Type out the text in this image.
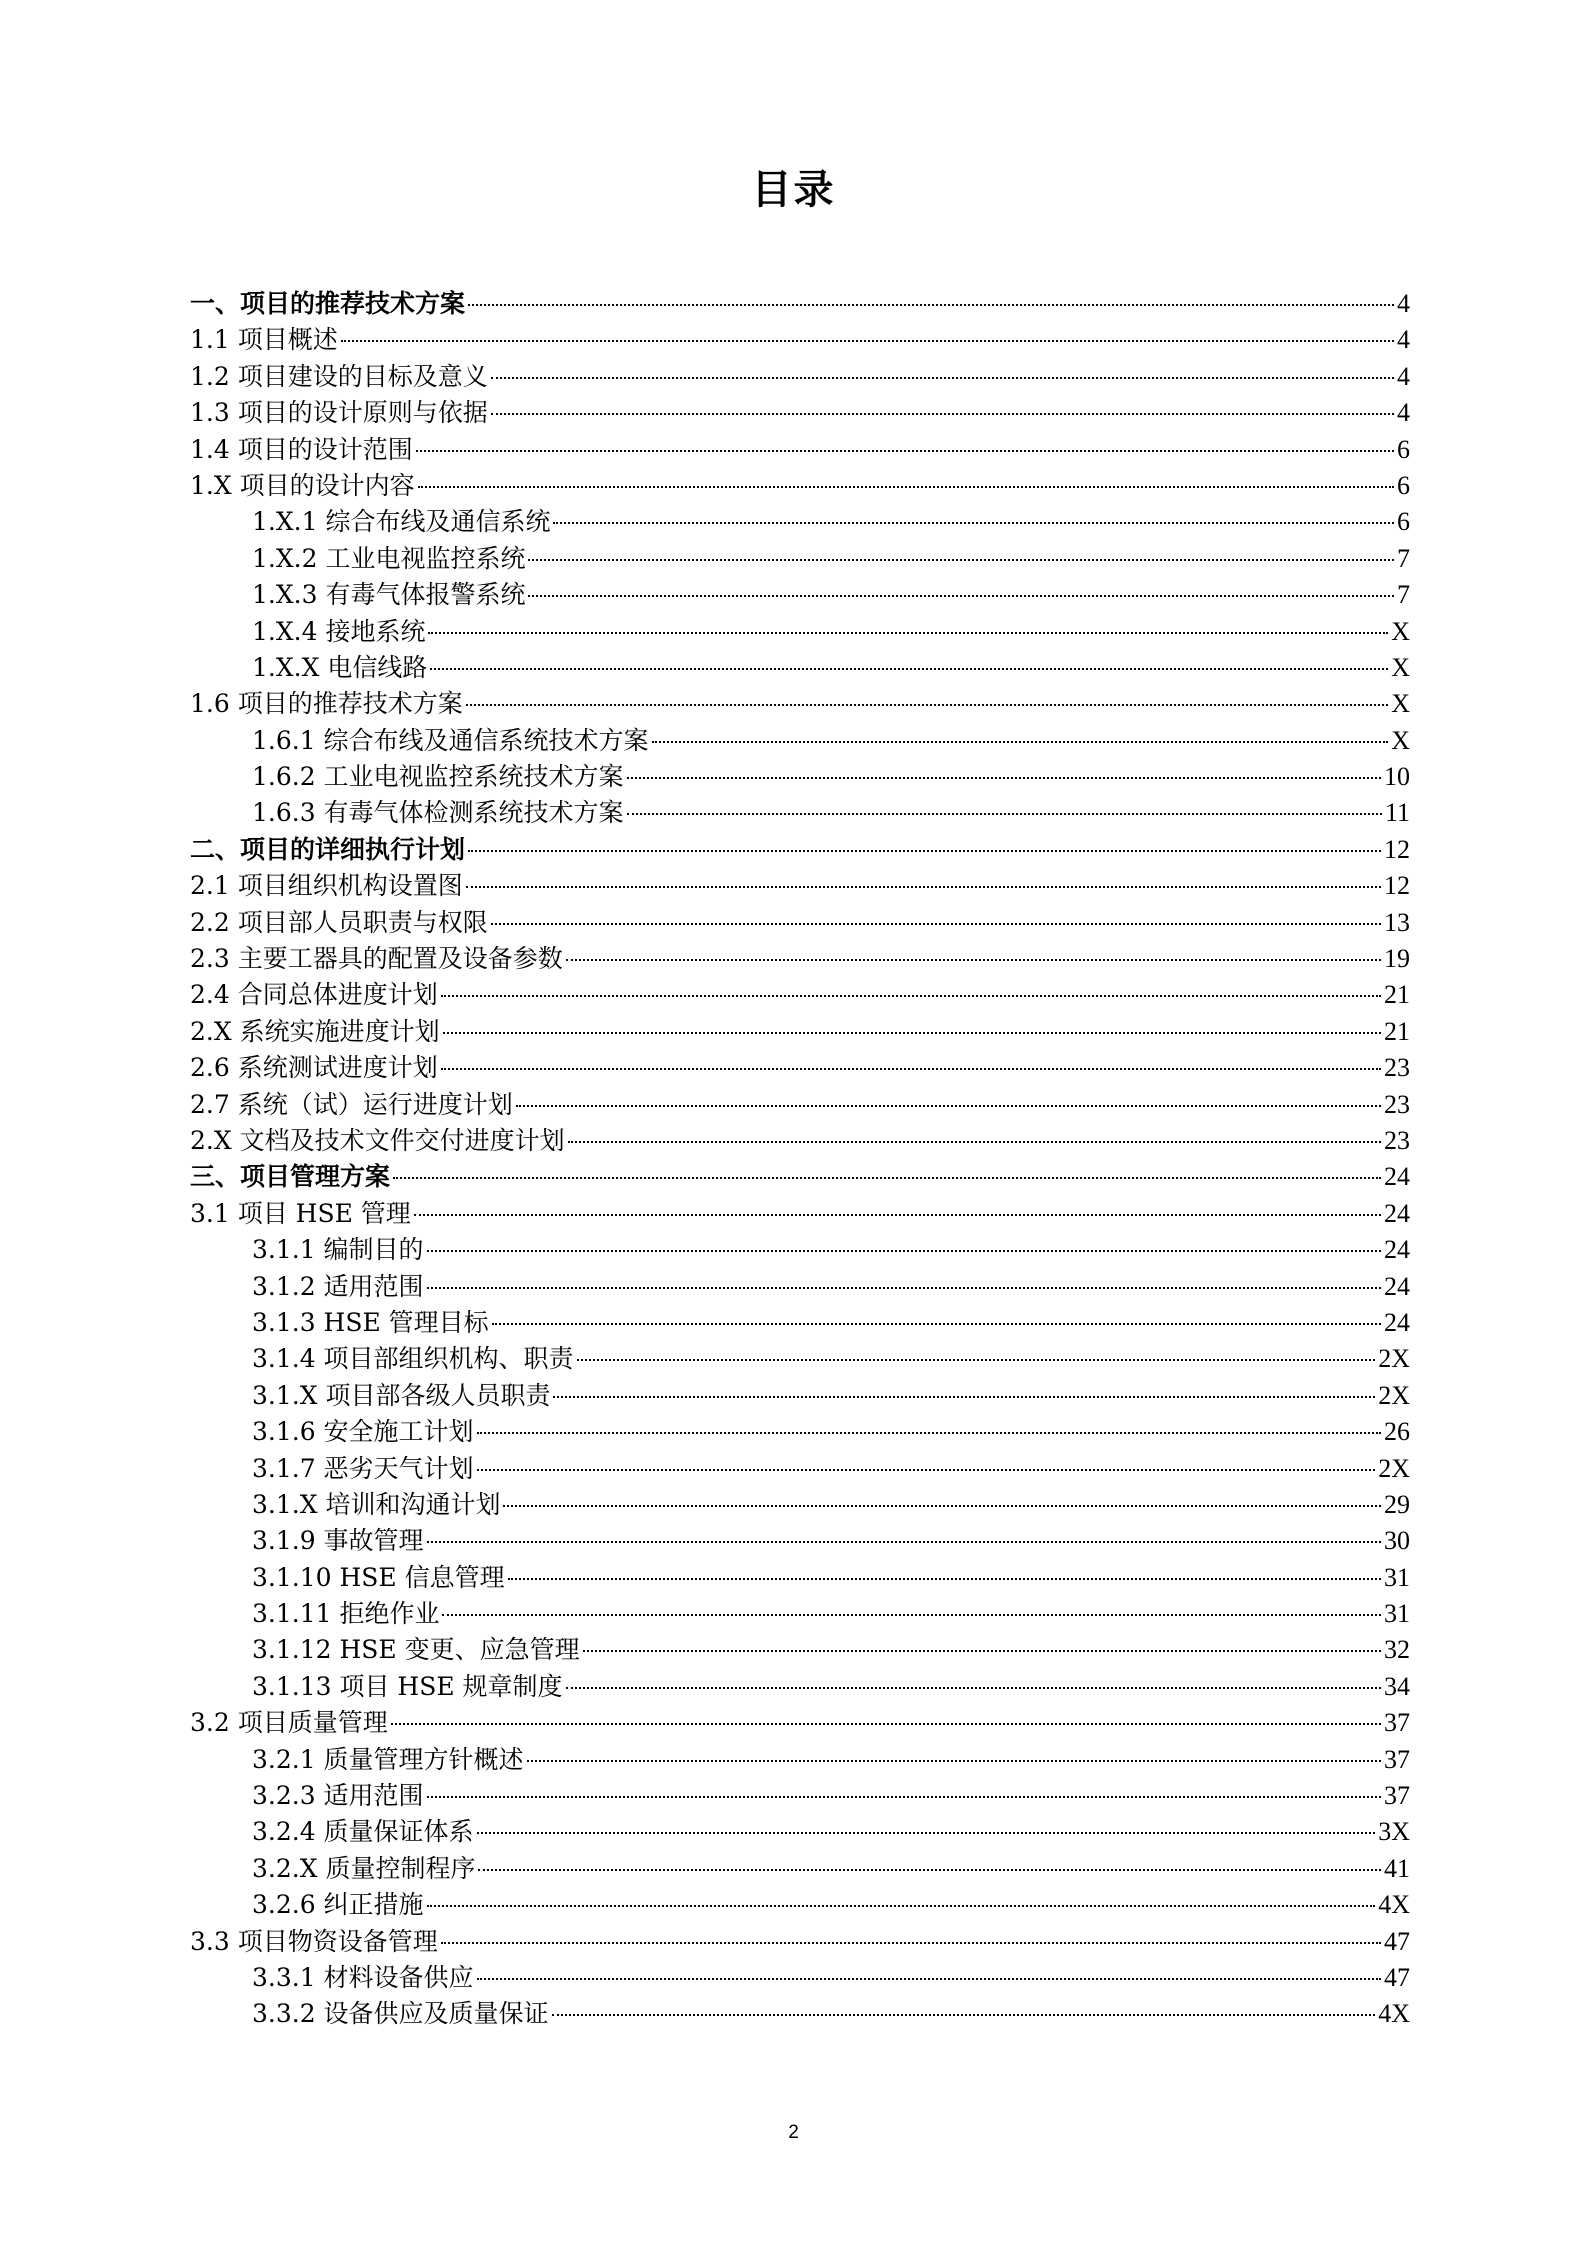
目录
一、项目的推荐技术方案	4
1.1 项目概述	4
1.2 项目建设的目标及意义	4
1.3 项目的设计原则与依据	4
1.4 项目的设计范围	6
1.X 项目的设计内容	6
1.X.1 综合布线及通信系统	6
1.X.2 工业电视监控系统	7
1.X.3 有毒气体报警系统	7
1.X.4 接地系统	X
1.X.X 电信线路	X
1.6 项目的推荐技术方案	X
1.6.1 综合布线及通信系统技术方案	X
1.6.2 工业电视监控系统技术方案	10
1.6.3 有毒气体检测系统技术方案	11
二、项目的详细执行计划	12
2.1 项目组织机构设置图	12
2.2 项目部人员职责与权限	13
2.3 主要工器具的配置及设备参数	19
2.4 合同总体进度计划	21
2.X 系统实施进度计划	21
2.6 系统测试进度计划	23
2.7 系统（试）运行进度计划	23
2.X 文档及技术文件交付进度计划	23
三、项目管理方案	24
3.1 项目 HSE 管理	24
3.1.1 编制目的	24
3.1.2 适用范围	24
3.1.3 HSE 管理目标	24
3.1.4 项目部组织机构、职责	2X
3.1.X 项目部各级人员职责	2X
3.1.6 安全施工计划	26
3.1.7 恶劣天气计划	2X
3.1.X 培训和沟通计划	29
3.1.9 事故管理	30
3.1.10 HSE 信息管理	31
3.1.11 拒绝作业	31
3.1.12 HSE 变更、应急管理	32
3.1.13 项目 HSE 规章制度	34
3.2 项目质量管理	37
3.2.1 质量管理方针概述	37
3.2.3 适用范围	37
3.2.4 质量保证体系	3X
3.2.X 质量控制程序	41
3.2.6 纠正措施	4X
3.3 项目物资设备管理	47
3.3.1 材料设备供应	47
3.3.2 设备供应及质量保证	4X
2
